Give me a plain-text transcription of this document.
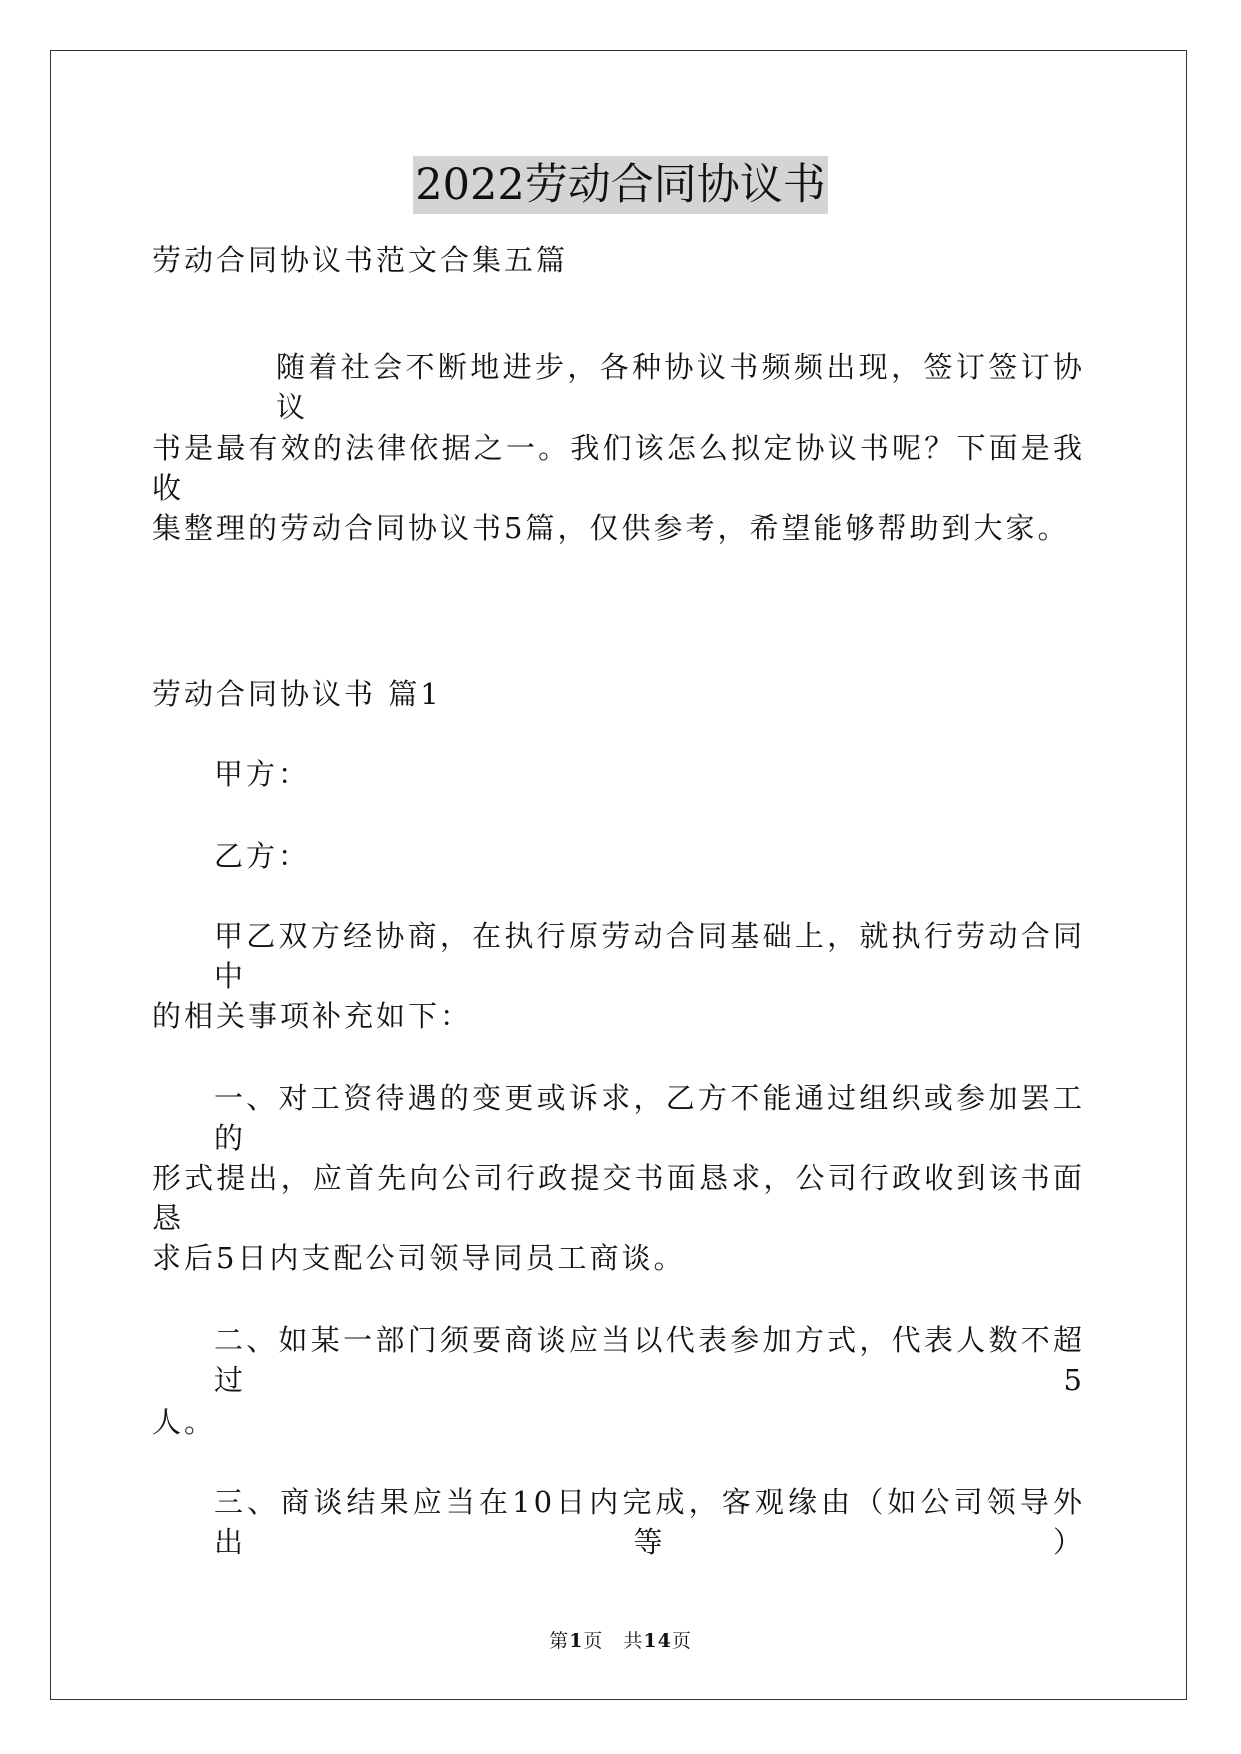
2022劳动合同协议书
劳动合同协议书范文合集五篇
随着社会不断地进步，各种协议书频频出现，签订签订协议
书是最有效的法律依据之一。我们该怎么拟定协议书呢？下面是我收
集整理的劳动合同协议书5篇，仅供参考，希望能够帮助到大家。
劳动合同协议书 篇1
甲方：
乙方：
甲乙双方经协商，在执行原劳动合同基础上，就执行劳动合同中
的相关事项补充如下：
一、对工资待遇的变更或诉求，乙方不能通过组织或参加罢工的
形式提出，应首先向公司行政提交书面恳求，公司行政收到该书面恳
求后5日内支配公司领导同员工商谈。
二、如某一部门须要商谈应当以代表参加方式，代表人数不超过5
人。
三、商谈结果应当在10日内完成，客观缘由（如公司领导外出等）
第1页　共14页
